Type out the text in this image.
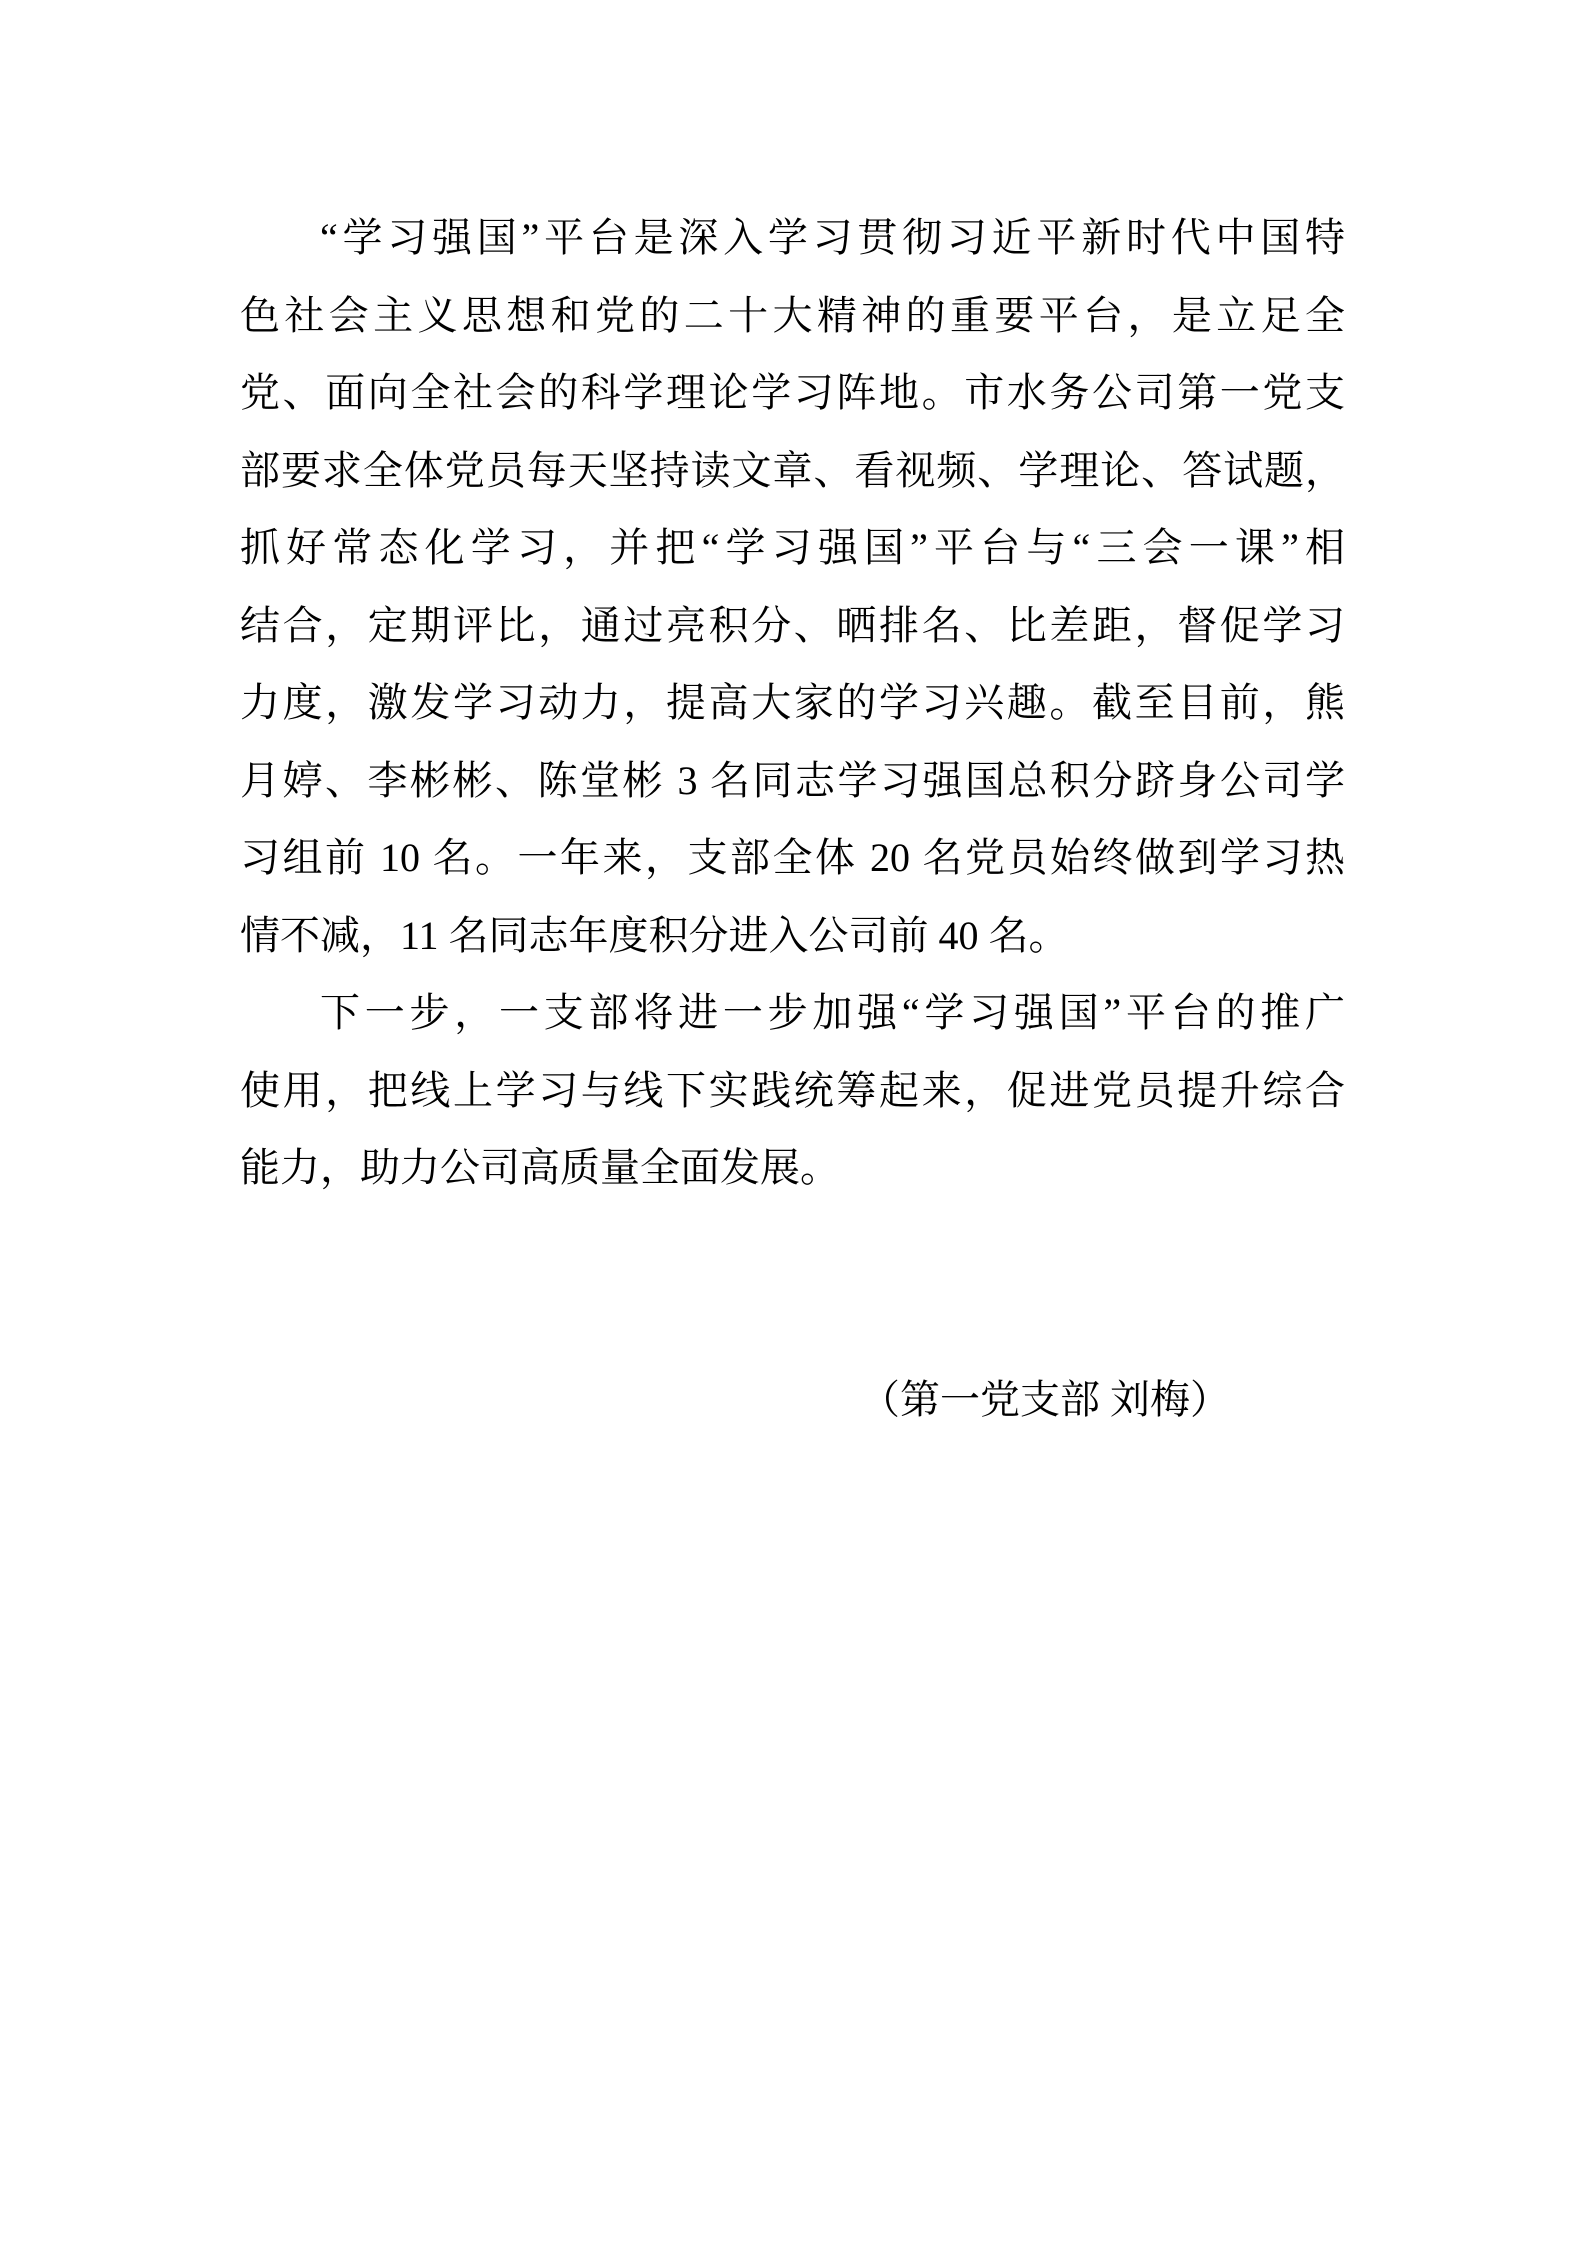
“学习强国”平台是深入学习贯彻习近平新时代中国特
色社会主义思想和党的二十大精神的重要平台，是立足全
党、面向全社会的科学理论学习阵地。市水务公司第一党支
部要求全体党员每天坚持读文章、看视频、学理论、答试题，
抓好常态化学习，并把“学习强国”平台与“三会一课”相
结合，定期评比，通过亮积分、晒排名、比差距，督促学习
力度，激发学习动力，提高大家的学习兴趣。截至目前，熊
月婷、李彬彬、陈堂彬 3 名同志学习强国总积分跻身公司学
习组前 10 名。一年来，支部全体 20 名党员始终做到学习热
情不减，11 名同志年度积分进入公司前 40 名。
下一步，一支部将进一步加强“学习强国”平台的推广
使用，把线上学习与线下实践统筹起来，促进党员提升综合
能力，助力公司高质量全面发展。
（第一党支部 刘梅）
